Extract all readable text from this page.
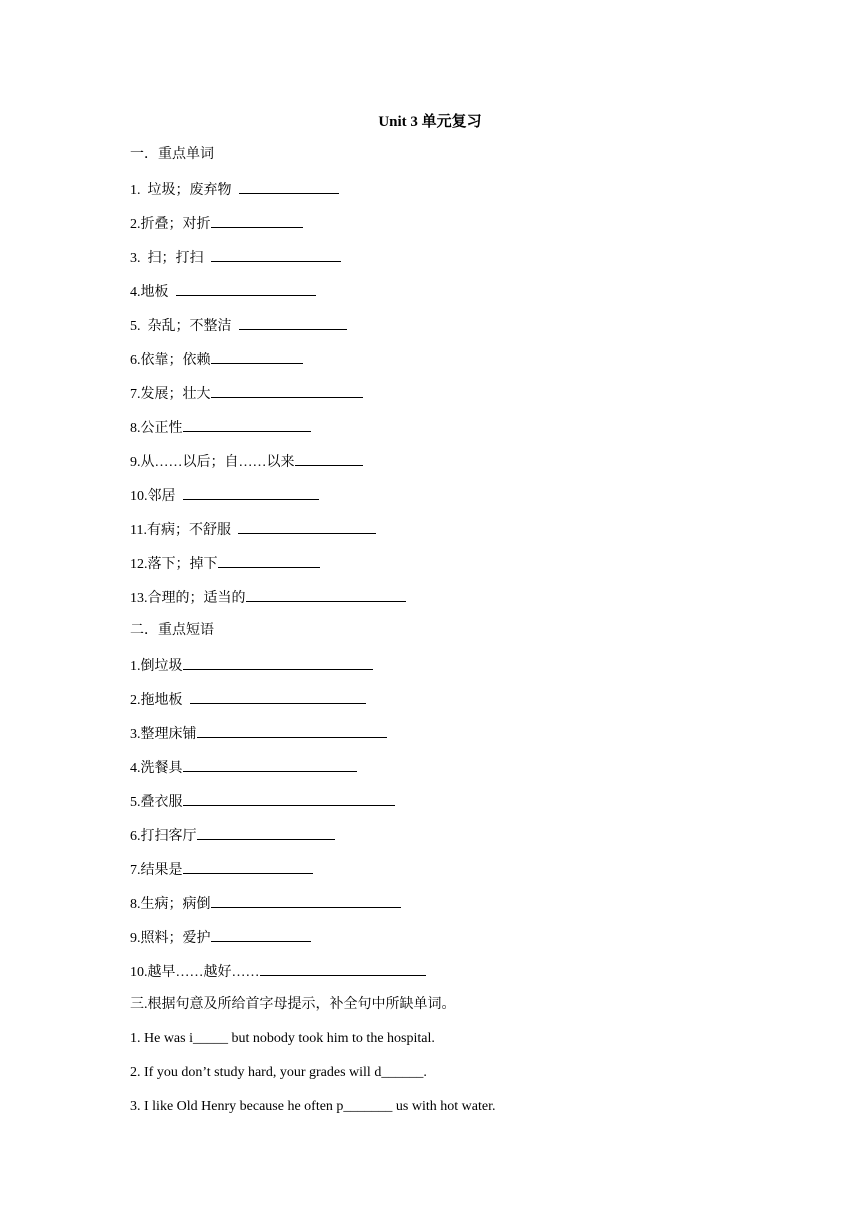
Unit 3 单元复习
一．重点单词
1.  垃圾；废弃物
2.折叠；对折
3.  扫；打扫
4.地板
5.  杂乱；不整洁
6.依靠；依赖
7.发展；壮大
8.公正性
9.从……以后；自……以来
10.邻居
11.有病；不舒服
12.落下；掉下
13.合理的；适当的
二．重点短语
1.倒垃圾
2.拖地板
3.整理床铺
4.洗餐具
5.叠衣服
6.打扫客厅
7.结果是
8.生病；病倒
9.照料；爱护
10.越早……越好……
三.根据句意及所给首字母提示，补全句中所缺单词。
1. He was i_____ but nobody took him to the hospital.
2. If you don’t study hard, your grades will d______.
3. I like Old Henry because he often p_______ us with hot water.
